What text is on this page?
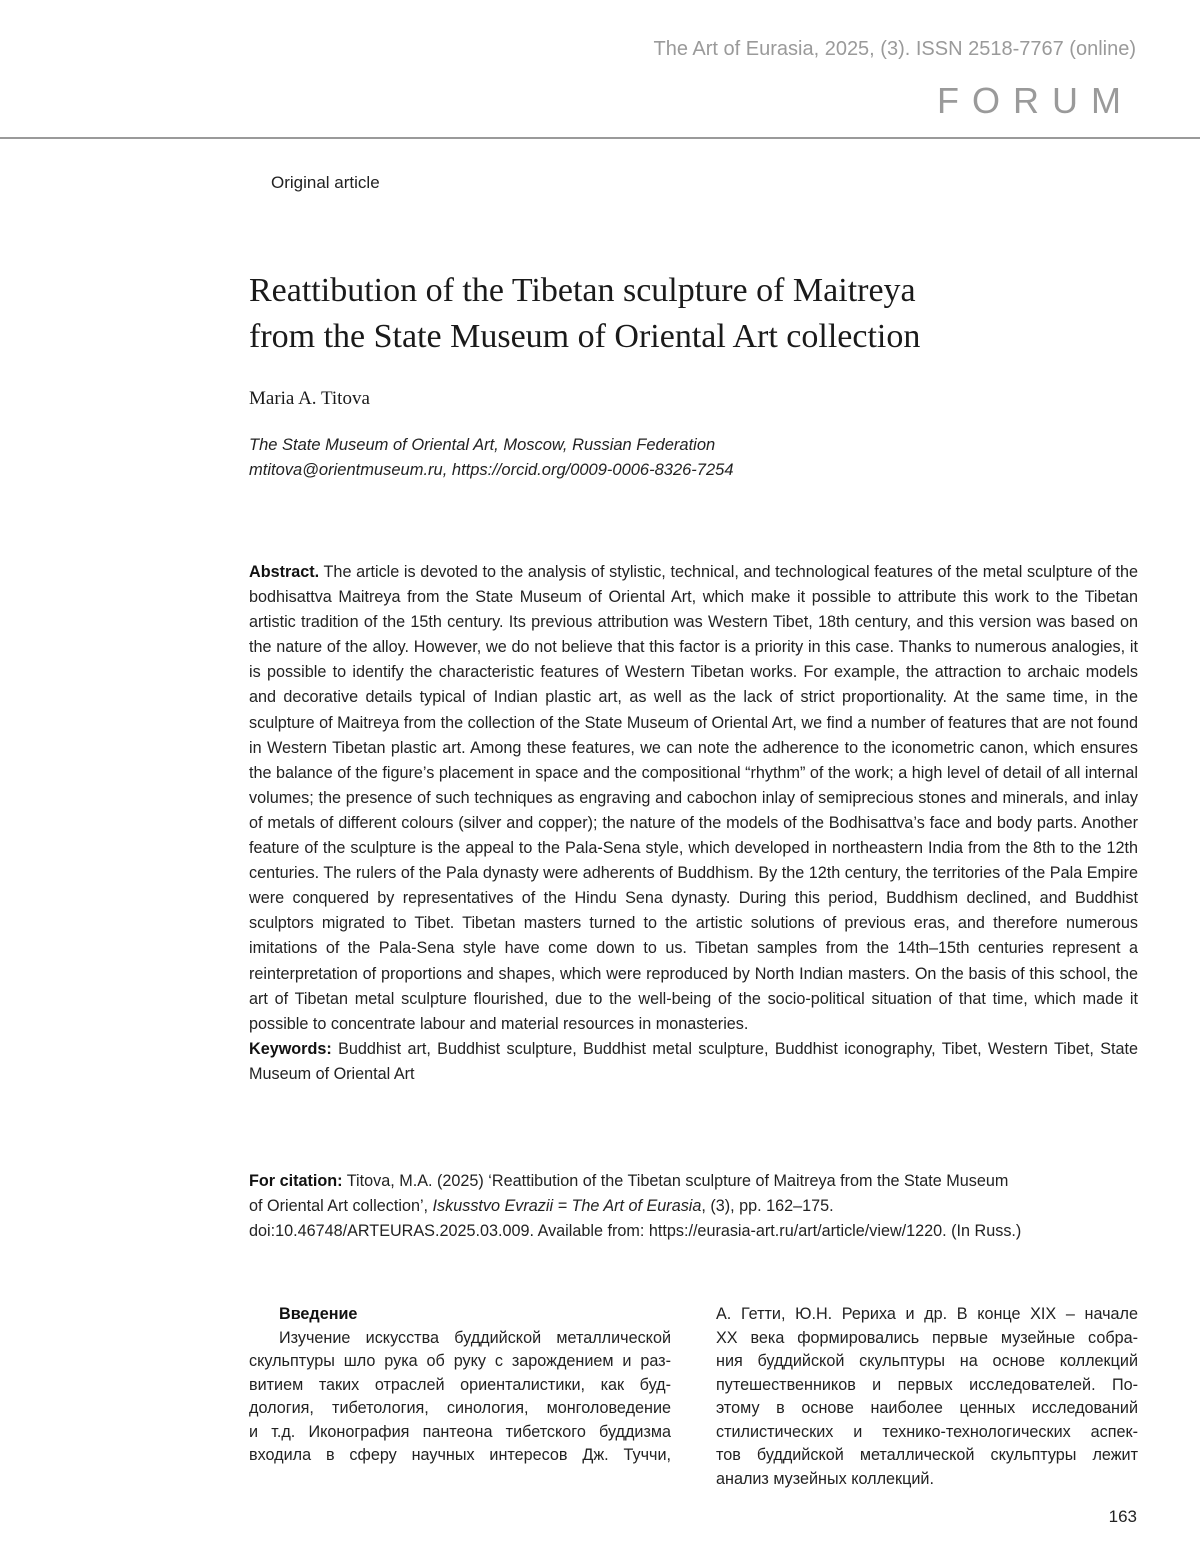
The Art of Eurasia, 2025, (3). ISSN 2518-7767 (online)
FORUM
Original article
Reattibution of the Tibetan sculpture of Maitreya
from the State Museum of Oriental Art collection
Maria A. Titova
The State Museum of Oriental Art, Moscow, Russian Federation
mtitova@orientmuseum.ru, https://orcid.org/0009-0006-8326-7254

Abstract. The article is devoted to the analysis of stylistic, technical, and technological features of the metal sculpture of the bodhisattva Maitreya from the State Museum of Oriental Art, which make it possible to attribute this work to the Tibetan artistic tradition of the 15th century. Its previous attribution was Western Tibet, 18th century, and this version was based on the nature of the alloy. However, we do not believe that this factor is a priority in this case. Thanks to numerous analogies, it is possible to identify the characteristic features of Western Tibetan works. For example, the attraction to archaic models and decorative details typical of Indian plastic art, as well as the lack of strict proportionality. At the same time, in the sculpture of Maitreya from the collection of the State Museum of Oriental Art, we find a number of features that are not found in Western Tibetan plastic art. Among these features, we can note the adherence to the iconometric canon, which ensures the balance of the figure’s placement in space and the compositional “rhythm” of the work; a high level of detail of all internal volumes; the presence of such techniques as engraving and cabochon inlay of semiprecious stones and minerals, and inlay of metals of different colours (silver and copper); the nature of the models of the Bodhisattva’s face and body parts. Another feature of the sculpture is the appeal to the Pala-Sena style, which developed in northeastern India from the 8th to the 12th centuries. The rulers of the Pala dynasty were adherents of Buddhism. By the 12th century, the territories of the Pala Empire were conquered by representatives of the Hindu Sena dynasty. During this period, Buddhism declined, and Buddhist sculptors migrated to Tibet. Tibetan masters turned to the artistic solutions of previous eras, and therefore numerous imitations of the Pala-Sena style have come down to us. Tibetan samples from the 14th–15th centuries represent a reinterpretation of proportions and shapes, which were reproduced by North Indian masters. On the basis of this school, the art of Tibetan metal sculpture flourished, due to the well-being of the socio-political situation of that time, which made it possible to concentrate labour and material resources in monasteries.

Keywords: Buddhist art, Buddhist sculpture, Buddhist metal sculpture, Buddhist iconography, Tibet, Western Tibet, State Museum of Oriental Art

For citation: Titova, M.A. (2025) ‘Reattibution of the Tibetan sculpture of Maitreya from the State Museum
of Oriental Art collection’, Iskusstvo Evrazii = The Art of Eurasia, (3), pp. 162–175.
doi:10.46748/ARTEURAS.2025.03.009. Available from: https://eurasia-art.ru/art/article/view/1220. (In Russ.)
Введение
Изучение искусства буддийской металлической
скульптуры шло рука об руку с зарождением и раз-
витием таких отраслей ориенталистики, как буд-
дология, тибетология, синология, монголоведение
и т.д. Иконография пантеона тибетского буддизма
входила в сферу научных интересов Дж. Туччи,
А. Гетти, Ю.Н. Рериха и др. В конце XIX – начале
XX века формировались первые музейные собра-
ния буддийской скульптуры на основе коллекций
путешественников и первых исследователей. По-
этому в основе наиболее ценных исследований
стилистических и технико-технологических аспек-
тов буддийской металлической скульптуры лежит
анализ музейных коллекций.
163
